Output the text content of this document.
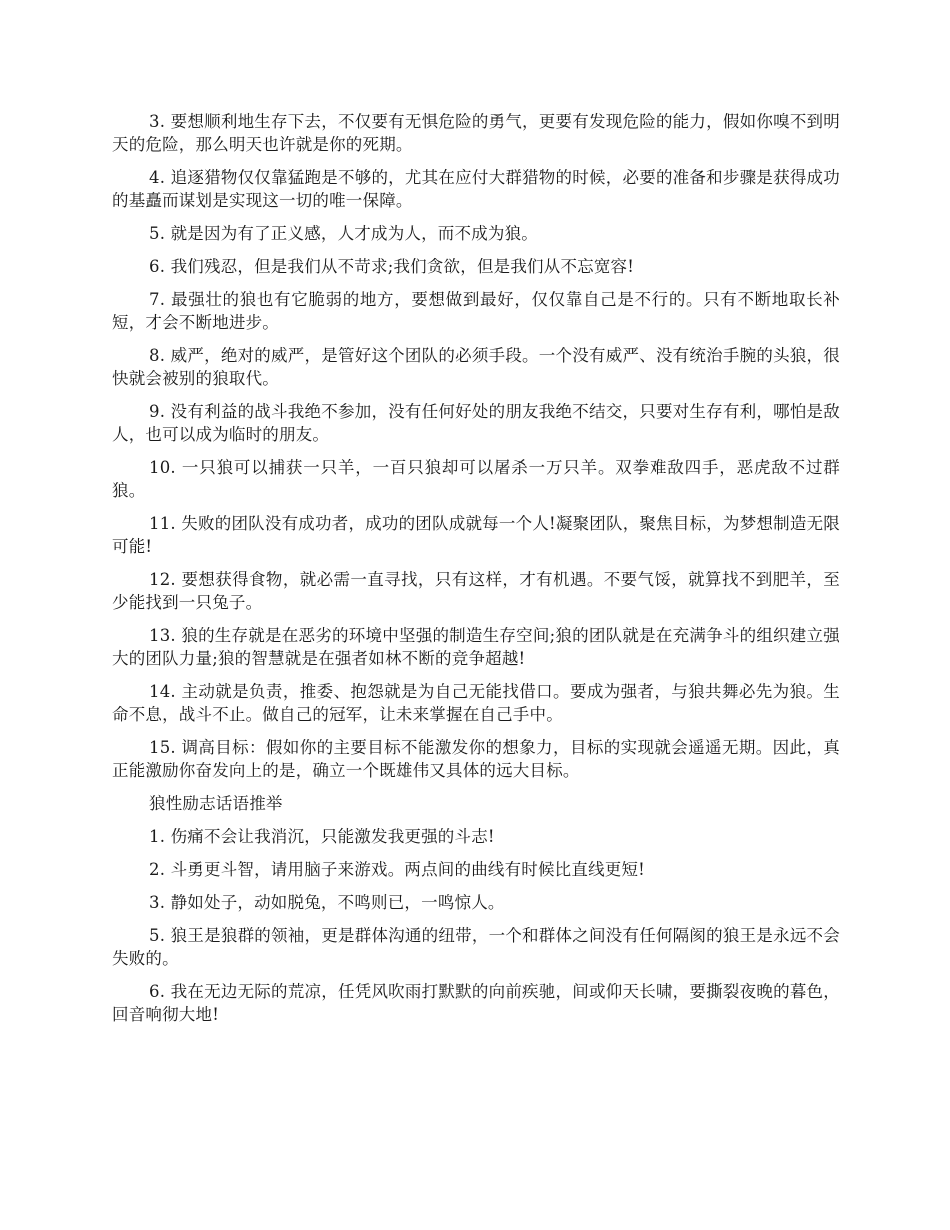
3. 要想顺利地生存下去，不仅要有无惧危险的勇气，更要有发现危险的能力，假如你嗅不到明天的危险，那么明天也许就是你的死期。

4. 追逐猎物仅仅靠猛跑是不够的，尤其在应付大群猎物的时候，必要的准备和步骤是获得成功的基矗而谋划是实现这一切的唯一保障。

5. 就是因为有了正义感，人才成为人，而不成为狼。

6. 我们残忍，但是我们从不苛求;我们贪欲，但是我们从不忘宽容!

7. 最强壮的狼也有它脆弱的地方，要想做到最好，仅仅靠自己是不行的。只有不断地取长补短，才会不断地进步。

8. 威严，绝对的威严，是管好这个团队的必须手段。一个没有威严、没有统治手腕的头狼，很快就会被别的狼取代。

9. 没有利益的战斗我绝不参加，没有任何好处的朋友我绝不结交，只要对生存有利，哪怕是敌人，也可以成为临时的朋友。

10. 一只狼可以捕获一只羊，一百只狼却可以屠杀一万只羊。双拳难敌四手，恶虎敌不过群狼。

11. 失败的团队没有成功者，成功的团队成就每一个人!凝聚团队，聚焦目标，为梦想制造无限可能!

12. 要想获得食物，就必需一直寻找，只有这样，才有机遇。不要气馁，就算找不到肥羊，至少能找到一只兔子。

13. 狼的生存就是在恶劣的环境中坚强的制造生存空间;狼的团队就是在充满争斗的组织建立强大的团队力量;狼的智慧就是在强者如林不断的竞争超越!

14. 主动就是负责，推委、抱怨就是为自己无能找借口。要成为强者，与狼共舞必先为狼。生命不息，战斗不止。做自己的冠军，让未来掌握在自己手中。

15. 调高目标：假如你的主要目标不能激发你的想象力，目标的实现就会遥遥无期。因此，真正能激励你奋发向上的是，确立一个既雄伟又具体的远大目标。

狼性励志话语推举

1. 伤痛不会让我消沉，只能激发我更强的斗志!

2. 斗勇更斗智，请用脑子来游戏。两点间的曲线有时候比直线更短!

3. 静如处子，动如脱兔，不鸣则已，一鸣惊人。

5. 狼王是狼群的领袖，更是群体沟通的纽带，一个和群体之间没有任何隔阂的狼王是永远不会失败的。

6. 我在无边无际的荒凉，任凭风吹雨打默默的向前疾驰，间或仰天长啸，要撕裂夜晚的暮色，回音响彻大地!
